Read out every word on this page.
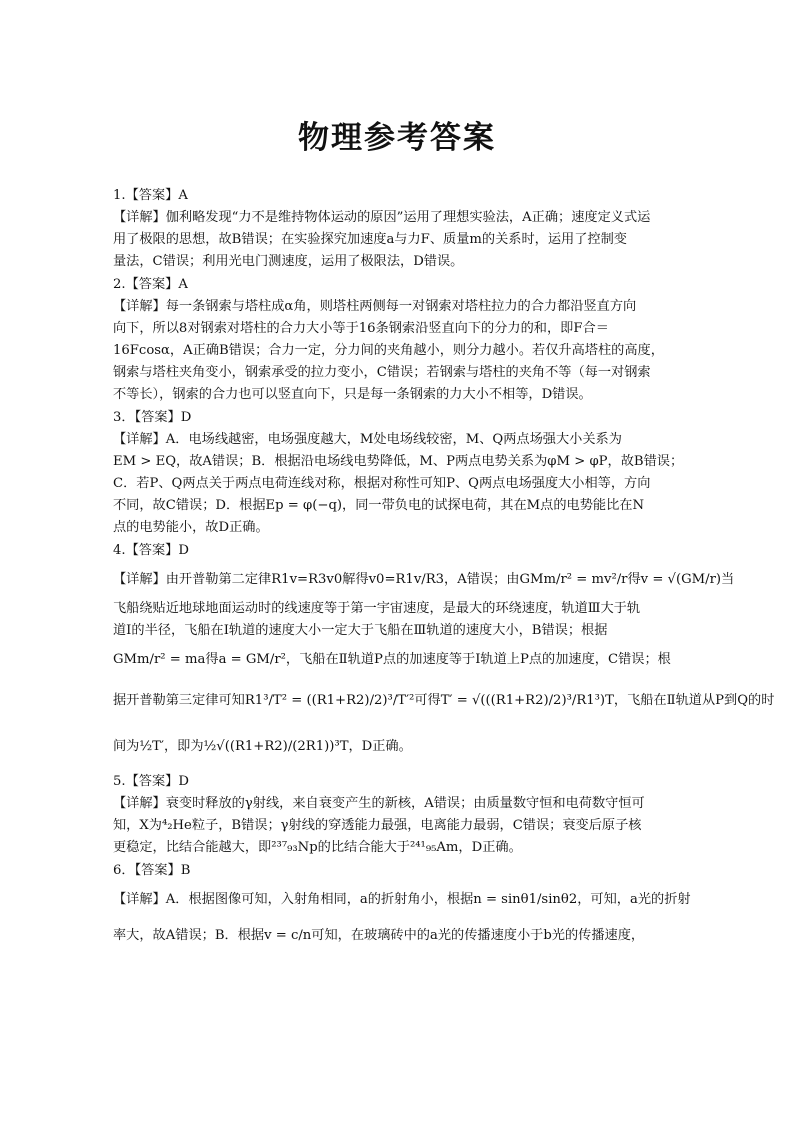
物理参考答案
1.【答案】A
【详解】伽利略发现“力不是维持物体运动的原因”运用了理想实验法，A正确；速度定义式运
用了极限的思想，故B错误；在实验探究加速度a与力F、质量m的关系时，运用了控制变
量法，C错误；利用光电门测速度，运用了极限法，D错误。
2.【答案】A
【详解】每一条钢索与塔柱成α角，则塔柱两侧每一对钢索对塔柱拉力的合力都沿竖直方向
向下，所以8对钢索对塔柱的合力大小等于16条钢索沿竖直向下的分力的和，即F合＝
16Fcosα，A正确B错误；合力一定，分力间的夹角越小，则分力越小。若仅升高塔柱的高度，
钢索与塔柱夹角变小，钢索承受的拉力变小，C错误；若钢索与塔柱的夹角不等（每一对钢索
不等长），钢索的合力也可以竖直向下，只是每一条钢索的力大小不相等，D错误。
3．【答案】D
【详解】A．电场线越密，电场强度越大，M处电场线较密，M、Q两点场强大小关系为
EM > EQ，故A错误；B．根据沿电场线电势降低，M、P两点电势关系为φM > φP，故B错误；
C．若P、Q两点关于两点电荷连线对称，根据对称性可知P、Q两点电场强度大小相等，方向
不同，故C错误；D．根据Ep = φ(−q)，同一带负电的试探电荷，其在M点的电势能比在N
点的电势能小，故D正确。
4.【答案】D
【详解】由开普勒第二定律R1v=R3v0解得v0=R1v/R3，A错误；由GMm/r² = mv²/r得v = √(GM/r)当
飞船绕贴近地球地面运动时的线速度等于第一宇宙速度，是最大的环绕速度，轨道Ⅲ大于轨
道Ⅰ的半径，飞船在Ⅰ轨道的速度大小一定大于飞船在Ⅲ轨道的速度大小，B错误；根据
GMm/r² = ma得a = GM/r²，飞船在Ⅱ轨道P点的加速度等于Ⅰ轨道上P点的加速度，C错误；根
据开普勒第三定律可知R1³/T² = ((R1+R2)/2)³/T′²可得T′ = √(((R1+R2)/2)³/R1³)T，飞船在Ⅱ轨道从P到Q的时
间为½T′，即为½√((R1+R2)/(2R1))³T，D正确。
5.【答案】D
【详解】衰变时释放的γ射线，来自衰变产生的新核，A错误；由质量数守恒和电荷数守恒可
知，X为⁴₂He粒子，B错误；γ射线的穿透能力最强，电离能力最弱，C错误；衰变后原子核
更稳定，比结合能越大，即²³⁷₉₃Np的比结合能大于²⁴¹₉₅Am，D正确。
6．【答案】B
【详解】A．根据图像可知，入射角相同，a的折射角小，根据n = sinθ1/sinθ2，可知，a光的折射
率大，故A错误；B．根据v = c/n可知，在玻璃砖中的a光的传播速度小于b光的传播速度，
